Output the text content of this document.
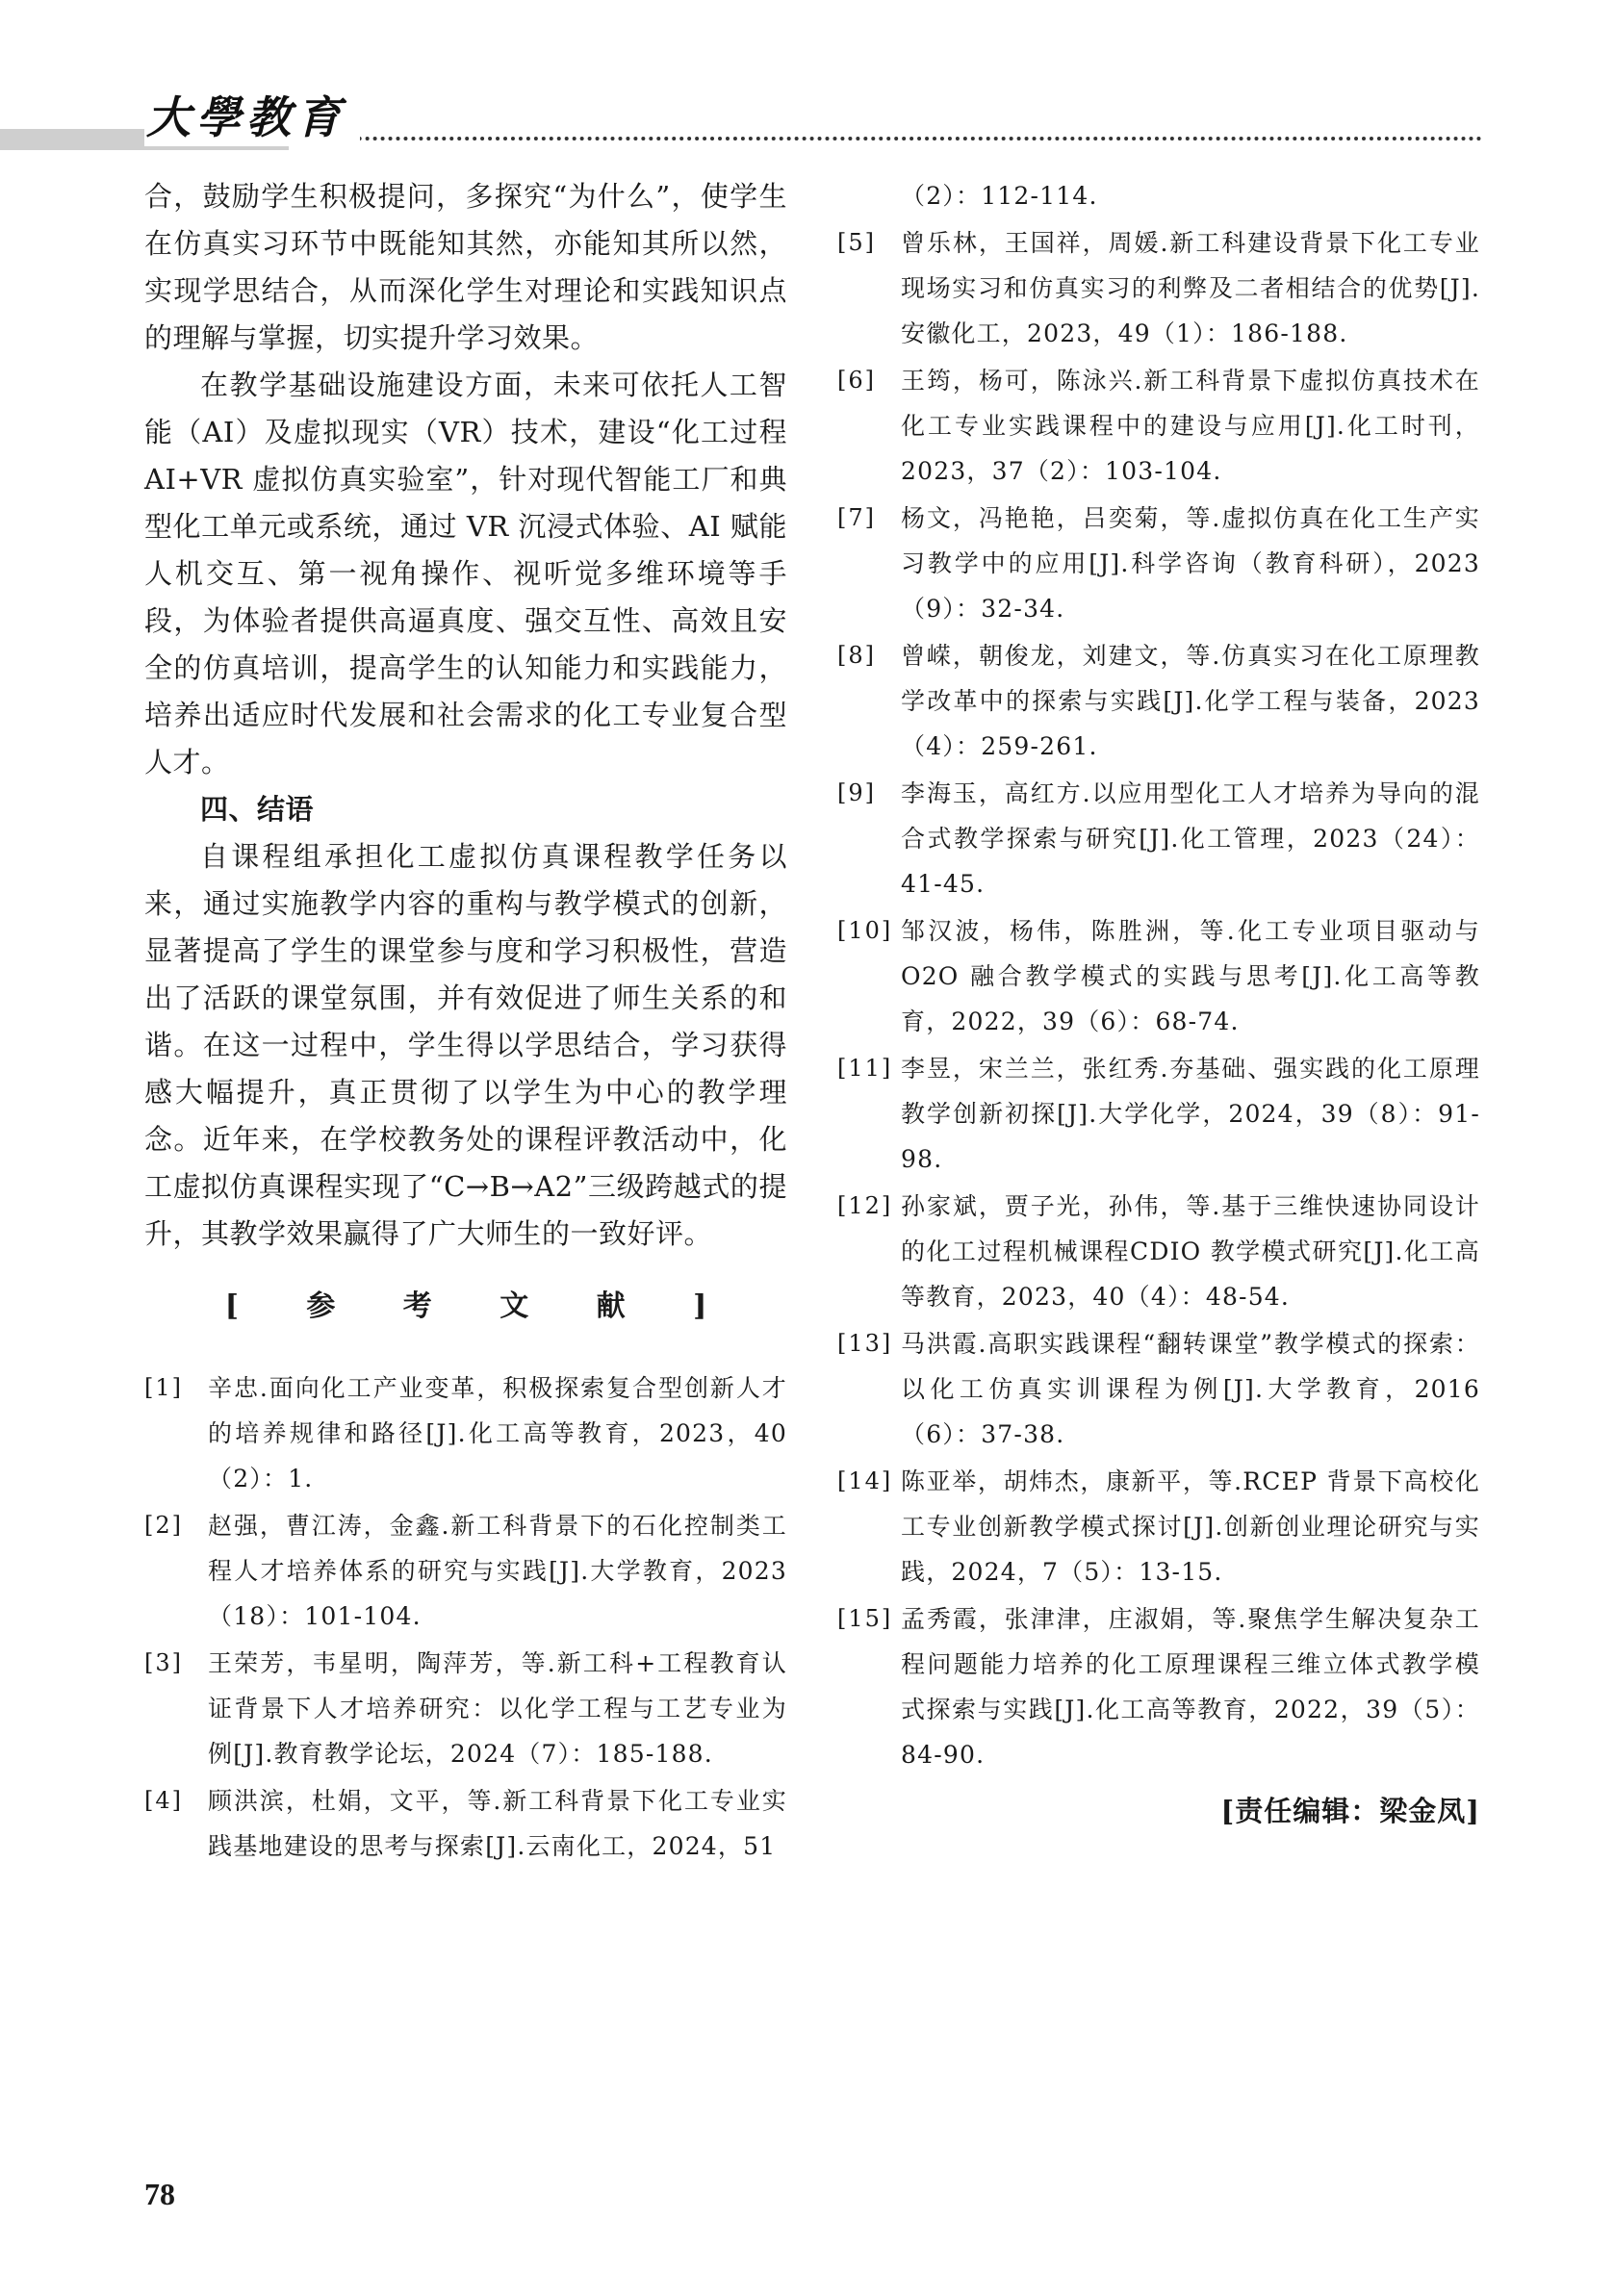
大學教育

合，鼓励学生积极提问，多探究“为什么”，使学生在仿真实习环节中既能知其然，亦能知其所以然，实现学思结合，从而深化学生对理论和实践知识点的理解与掌握，切实提升学习效果。

在教学基础设施建设方面，未来可依托人工智能（AI）及虚拟现实（VR）技术，建设“化工过程 AI+VR 虚拟仿真实验室”，针对现代智能工厂和典型化工单元或系统，通过 VR 沉浸式体验、AI 赋能人机交互、第一视角操作、视听觉多维环境等手段，为体验者提供高逼真度、强交互性、高效且安全的仿真培训，提高学生的认知能力和实践能力，培养出适应时代发展和社会需求的化工专业复合型人才。

四、结语

自课程组承担化工虚拟仿真课程教学任务以来，通过实施教学内容的重构与教学模式的创新，显著提高了学生的课堂参与度和学习积极性，营造出了活跃的课堂氛围，并有效促进了师生关系的和谐。在这一过程中，学生得以学思结合，学习获得感大幅提升，真正贯彻了以学生为中心的教学理念。近年来，在学校教务处的课程评教活动中，化工虚拟仿真课程实现了“C→B→A2”三级跨越式的提升，其教学效果赢得了广大师生的一致好评。

[ 参 考 文 献 ]
[1]	辛忠.面向化工产业变革，积极探索复合型创新人才的培养规律和路径[J].化工高等教育，2023，40（2）：1.
[2]	赵强，曹江涛，金鑫.新工科背景下的石化控制类工程人才培养体系的研究与实践[J].大学教育，2023（18）：101-104.
[3]	王荣芳，韦星明，陶萍芳，等.新工科+工程教育认证背景下人才培养研究：以化学工程与工艺专业为例[J].教育教学论坛，2024（7）：185-188.
[4]	顾洪滨，杜娟，文平，等.新工科背景下化工专业实践基地建设的思考与探索[J].云南化工，2024，51
（2）：112-114.
[5]	曾乐林，王国祥，周媛.新工科建设背景下化工专业现场实习和仿真实习的利弊及二者相结合的优势[J].安徽化工，2023，49（1）：186-188.
[6]	王筠，杨可，陈泳兴.新工科背景下虚拟仿真技术在化工专业实践课程中的建设与应用[J].化工时刊，2023，37（2）：103-104.
[7]	杨文，冯艳艳，吕奕菊，等.虚拟仿真在化工生产实习教学中的应用[J].科学咨询（教育科研），2023（9）：32-34.
[8]	曾嵘，朝俊龙，刘建文，等.仿真实习在化工原理教学改革中的探索与实践[J].化学工程与装备，2023（4）：259-261.
[9]	李海玉，高红方.以应用型化工人才培养为导向的混合式教学探索与研究[J].化工管理，2023（24）：41-45.
[10] 邹汉波，杨伟，陈胜洲，等.化工专业项目驱动与O2O 融合教学模式的实践与思考[J].化工高等教育，2022，39（6）：68-74.
[11] 李昱，宋兰兰，张红秀.夯基础、强实践的化工原理教学创新初探[J].大学化学，2024，39（8）：91-98.
[12] 孙家斌，贾子光，孙伟，等.基于三维快速协同设计的化工过程机械课程CDIO 教学模式研究[J].化工高等教育，2023，40（4）：48-54.
[13] 马洪霞.高职实践课程“翻转课堂”教学模式的探索：以化工仿真实训课程为例[J].大学教育，2016（6）：37-38.
[14] 陈亚举，胡炜杰，康新平，等.RCEP 背景下高校化工专业创新教学模式探讨[J].创新创业理论研究与实践，2024，7（5）：13-15.
[15] 孟秀霞，张津津，庄淑娟，等.聚焦学生解决复杂工程问题能力培养的化工原理课程三维立体式教学模式探索与实践[J].化工高等教育，2022，39（5）：84-90.
[责任编辑：梁金凤]
78
